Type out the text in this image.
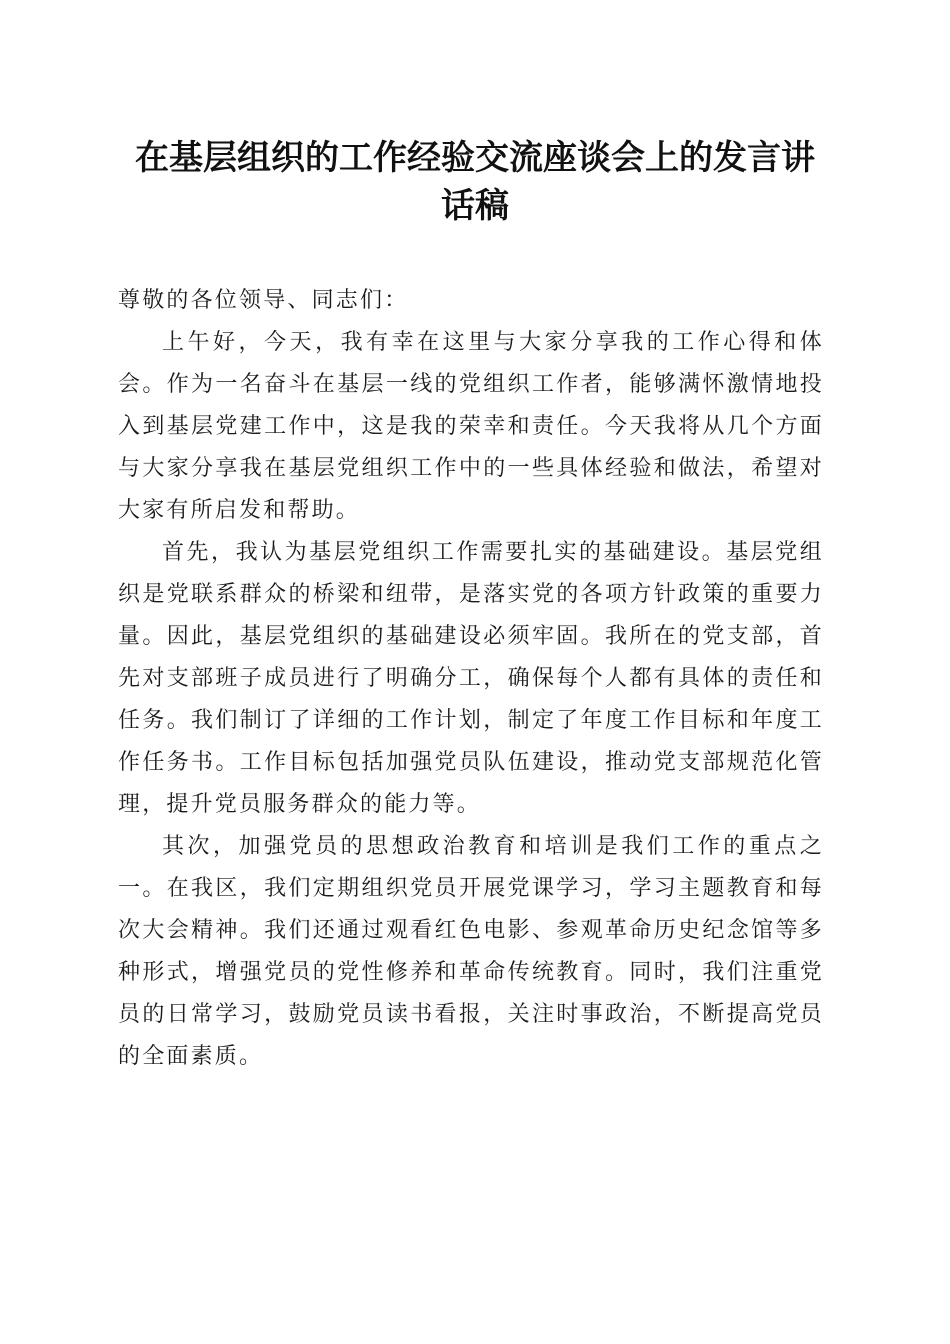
在基层组织的工作经验交流座谈会上的发言讲
话稿

尊敬的各位领导、同志们：

上午好，今天，我有幸在这里与大家分享我的工作心得和体会。作为一名奋斗在基层一线的党组织工作者，能够满怀激情地投入到基层党建工作中，这是我的荣幸和责任。今天我将从几个方面与大家分享我在基层党组织工作中的一些具体经验和做法，希望对大家有所启发和帮助。

首先，我认为基层党组织工作需要扎实的基础建设。基层党组织是党联系群众的桥梁和纽带，是落实党的各项方针政策的重要力量。因此，基层党组织的基础建设必须牢固。我所在的党支部，首先对支部班子成员进行了明确分工，确保每个人都有具体的责任和任务。我们制订了详细的工作计划，制定了年度工作目标和年度工作任务书。工作目标包括加强党员队伍建设，推动党支部规范化管理，提升党员服务群众的能力等。

其次，加强党员的思想政治教育和培训是我们工作的重点之一。在我区，我们定期组织党员开展党课学习，学习主题教育和每次大会精神。我们还通过观看红色电影、参观革命历史纪念馆等多种形式，增强党员的党性修养和革命传统教育。同时，我们注重党员的日常学习，鼓励党员读书看报，关注时事政治，不断提高党员的全面素质。
